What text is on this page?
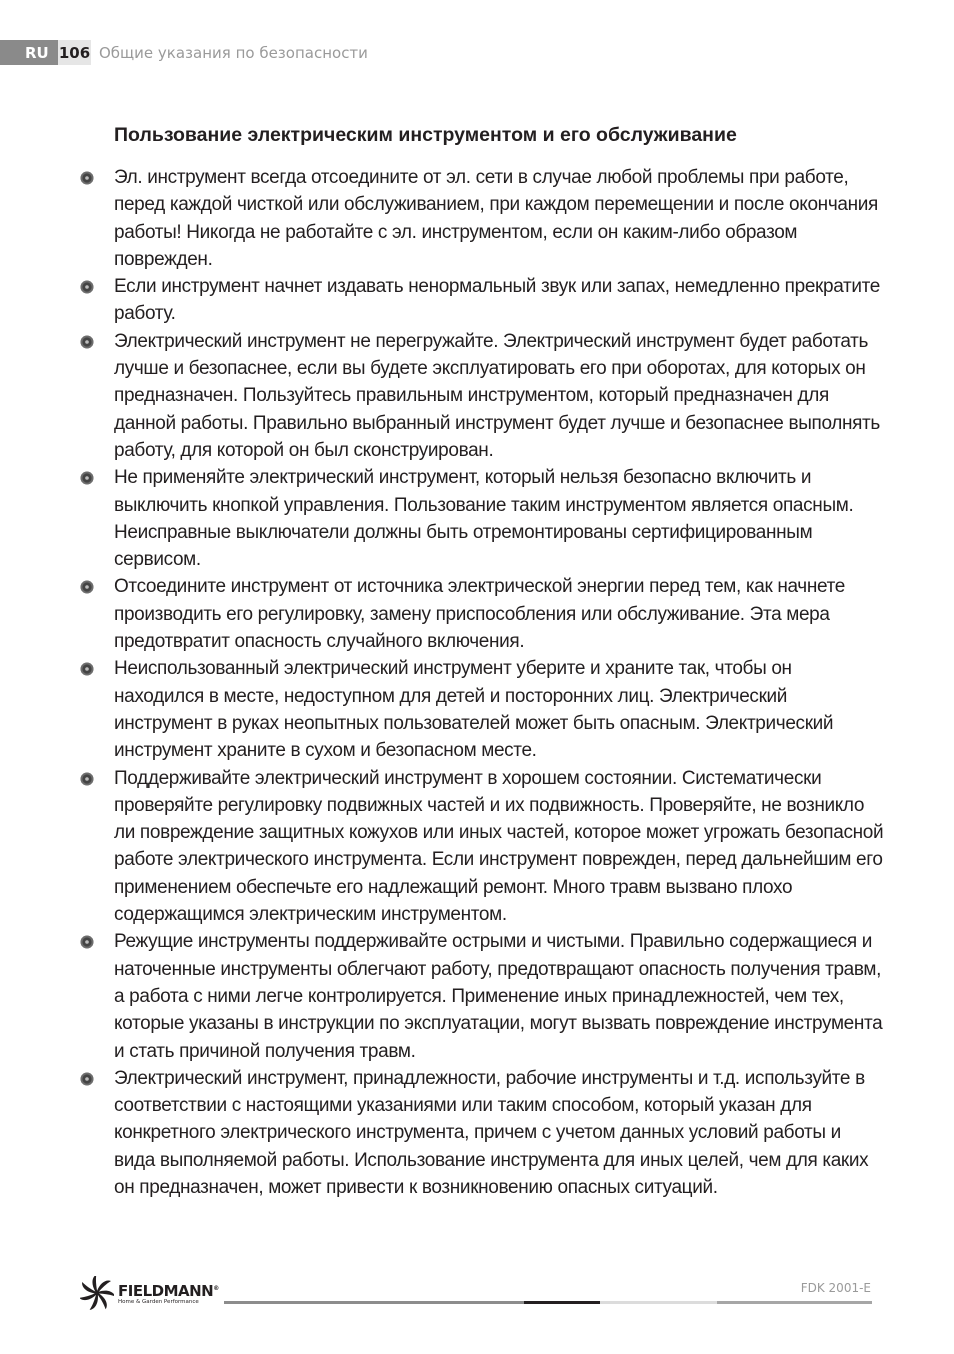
RU 106 Общие указания по безопасности
Пользование электрическим инструментом и его обслуживание
Эл. инструмент всегда отсоедините от эл. сети в случае любой проблемы при работе, перед каждой чисткой или обслуживанием, при каждом перемещении и после окончания работы! Никогда не работайте с эл. инструментом, если он каким-либо образом поврежден.
Если инструмент начнет издавать ненормальный звук или запах, немедленно прекратите работу.
Электрический инструмент не перегружайте. Электрический инструмент будет работать лучше и безопаснее, если вы будете эксплуатировать его при оборотах, для которых он предназначен. Пользуйтесь правильным инструментом, который предназначен для данной работы. Правильно выбранный инструмент будет лучше и безопаснее выполнять работу, для которой он был сконструирован.
Не применяйте электрический инструмент, который нельзя безопасно включить и выключить кнопкой управления. Пользование таким инструментом является опасным. Неисправные выключатели должны быть отремонтированы сертифицированным сервисом.
Отсоедините инструмент от источника электрической энергии перед тем, как начнете производить его регулировку, замену приспособления или обслуживание. Эта мера предотвратит опасность случайного включения.
Неиспользованный электрический инструмент уберите и храните так, чтобы он находился в месте, недоступном для детей и посторонних лиц. Электрический инструмент в руках неопытных пользователей может быть опасным. Электрический инструмент храните в сухом и безопасном месте.
Поддерживайте электрический инструмент в хорошем состоянии. Систематически проверяйте регулировку подвижных частей и их подвижность. Проверяйте, не возникло ли повреждение защитных кожухов или иных частей, которое может угрожать безопасной работе электрического инструмента. Если инструмент поврежден, перед дальнейшим его применением обеспечьте его надлежащий ремонт. Много травм вызвано плохо содержащимся электрическим инструментом.
Режущие инструменты поддерживайте острыми и чистыми. Правильно содержащиеся и наточенные инструменты облегчают работу, предотвращают опасность получения травм, а работа с ними легче контролируется. Применение иных принадлежностей, чем тех, которые указаны в инструкции по эксплуатации, могут вызвать повреждение инструмента и стать причиной получения травм.
Электрический инструмент, принадлежности, рабочие инструменты и т.д. используйте в соответствии с настоящими указаниями или таким способом, который указан для конкретного электрического инструмента, причем с учетом данных условий работы и вида выполняемой работы. Использование инструмента для иных целей, чем для каких он предназначен, может привести к возникновению опасных ситуаций.
FIELDMANN®
Home & Garden Performance
FDK 2001-E
